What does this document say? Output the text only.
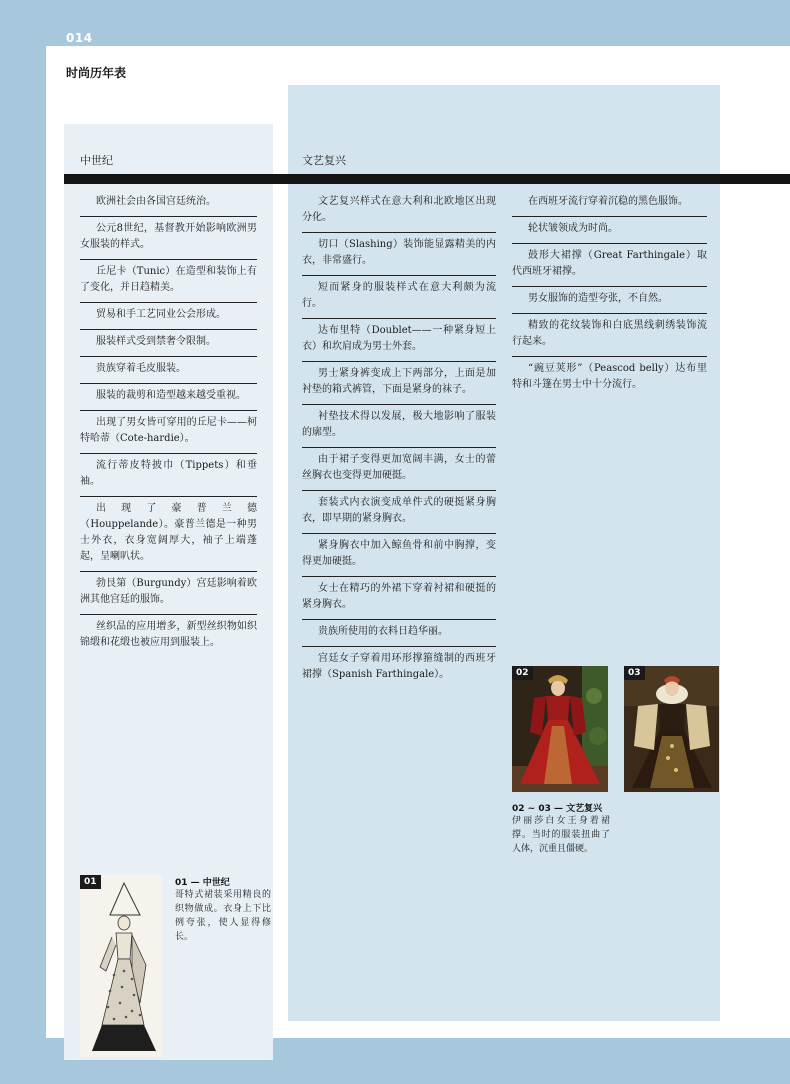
014
时尚历年表
中世纪	文艺复兴
欧洲社会由各国宫廷统治。
公元8世纪，基督教开始影响欧洲男女服装的样式。
丘尼卡（Tunic）在造型和装饰上有了变化，并日趋精美。
贸易和手工艺同业公会形成。
服装样式受到禁奢令限制。
贵族穿着毛皮服装。
服装的裁剪和造型越来越受重视。
出现了男女皆可穿用的丘尼卡——柯特哈蒂（Cote-hardie）。
流行蒂皮特披巾（Tippets）和垂袖。
出现了豪普兰德（Houppelande）。豪普兰德是一种男士外衣，衣身宽阔厚大，袖子上端蓬起，呈喇叭状。
勃艮第（Burgundy）宫廷影响着欧洲其他宫廷的服饰。
丝织品的应用增多，新型丝织物如织锦缎和花缎也被应用到服装上。
文艺复兴样式在意大利和北欧地区出现分化。
切口（Slashing）装饰能显露精美的内衣，非常盛行。
短而紧身的服装样式在意大利颇为流行。
达布里特（Doublet——一种紧身短上衣）和坎肩成为男士外套。
男士紧身裤变成上下两部分，上面是加衬垫的箱式裤管，下面是紧身的袜子。
衬垫技术得以发展，极大地影响了服装的廓型。
由于裙子变得更加宽阔丰满，女士的蕾丝胸衣也变得更加硬挺。
套装式内衣演变成单件式的硬挺紧身胸衣，即早期的紧身胸衣。
紧身胸衣中加入鲸鱼骨和前中胸撑，变得更加硬挺。
女士在精巧的外裙下穿着衬裙和硬挺的紧身胸衣。
贵族所使用的衣料日趋华丽。
宫廷女子穿着用环形撑箍缝制的西班牙裙撑（Spanish Farthingale）。
在西班牙流行穿着沉稳的黑色服饰。
轮状皱领成为时尚。
鼓形大裙撑（Great Farthingale）取代西班牙裙撑。
男女服饰的造型夸张，不自然。
精致的花纹装饰和白底黑线刺绣装饰流行起来。
“豌豆荚形”（Peascod belly）达布里特和斗篷在男士中十分流行。
02	03
02 ~ 03 — 文艺复兴
伊丽莎白女王身着裙撑。当时的服装扭曲了人体，沉重且僵硬。
01	01 — 中世纪
哥特式裙装采用精良的织物做成。衣身上下比例夸张，使人显得修长。
